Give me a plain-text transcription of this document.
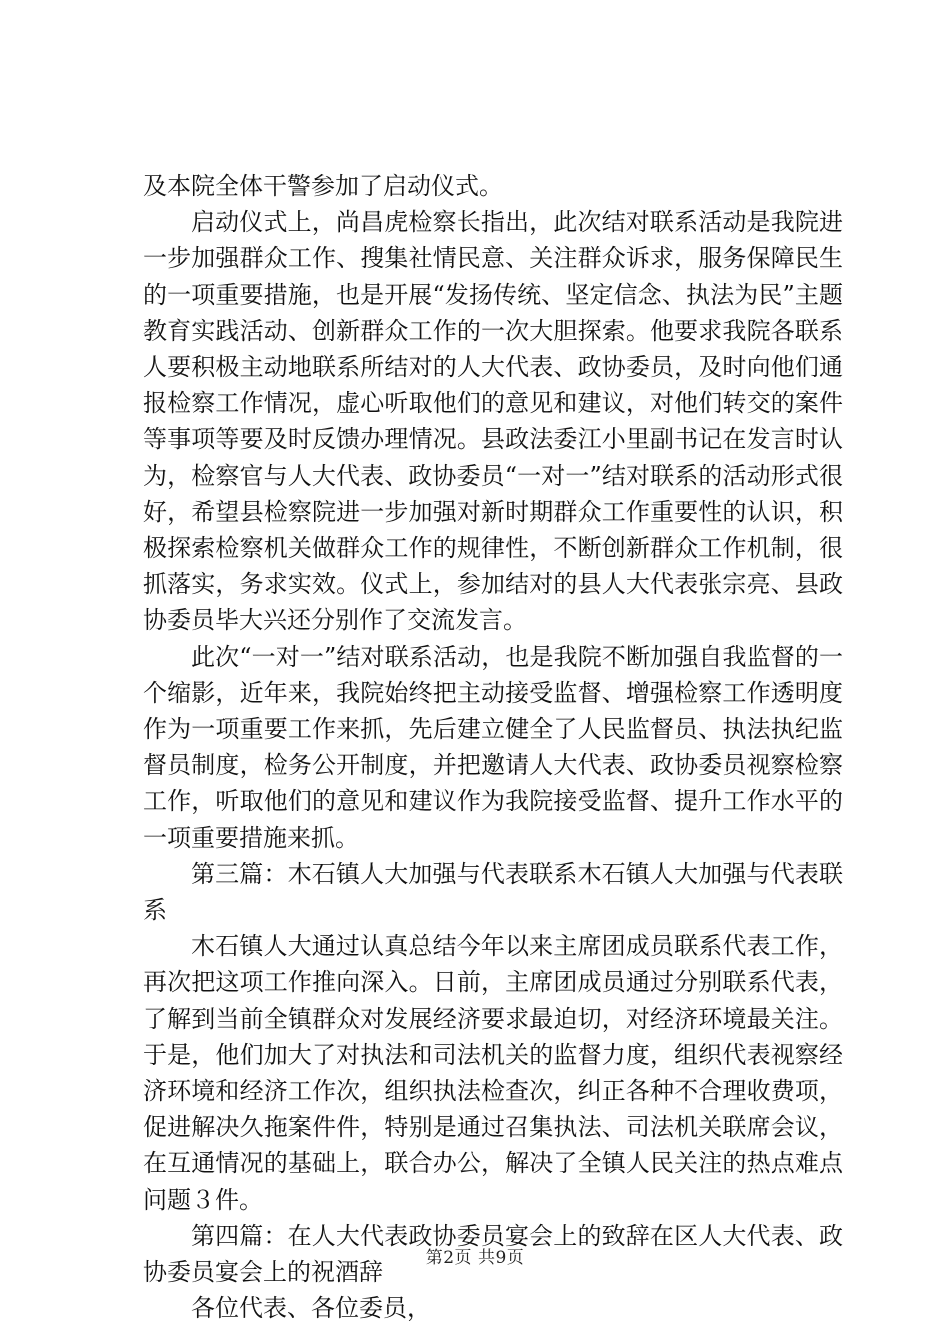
及本院全体干警参加了启动仪式。

启动仪式上，尚昌虎检察长指出，此次结对联系活动是我院进一步加强群众工作、搜集社情民意、关注群众诉求，服务保障民生的一项重要措施，也是开展“发扬传统、坚定信念、执法为民”主题教育实践活动、创新群众工作的一次大胆探索。他要求我院各联系人要积极主动地联系所结对的人大代表、政协委员，及时向他们通报检察工作情况，虚心听取他们的意见和建议，对他们转交的案件等事项等要及时反馈办理情况。县政法委江小里副书记在发言时认为，检察官与人大代表、政协委员“一对一”结对联系的活动形式很好，希望县检察院进一步加强对新时期群众工作重要性的认识，积极探索检察机关做群众工作的规律性，不断创新群众工作机制，很抓落实，务求实效。仪式上，参加结对的县人大代表张宗亮、县政协委员毕大兴还分别作了交流发言。

此次“一对一”结对联系活动，也是我院不断加强自我监督的一个缩影，近年来，我院始终把主动接受监督、增强检察工作透明度作为一项重要工作来抓，先后建立健全了人民监督员、执法执纪监督员制度，检务公开制度，并把邀请人大代表、政协委员视察检察工作，听取他们的意见和建议作为我院接受监督、提升工作水平的一项重要措施来抓。

第三篇：木石镇人大加强与代表联系木石镇人大加强与代表联系

木石镇人大通过认真总结今年以来主席团成员联系代表工作，再次把这项工作推向深入。日前，主席团成员通过分别联系代表，了解到当前全镇群众对发展经济要求最迫切，对经济环境最关注。于是，他们加大了对执法和司法机关的监督力度，组织代表视察经济环境和经济工作次，组织执法检查次，纠正各种不合理收费项，促进解决久拖案件件，特别是通过召集执法、司法机关联席会议，在互通情况的基础上，联合办公，解决了全镇人民关注的热点难点问题３件。

第四篇：在人大代表政协委员宴会上的致辞在区人大代表、政协委员宴会上的祝酒辞

各位代表、各位委员，

第2页 共9页
